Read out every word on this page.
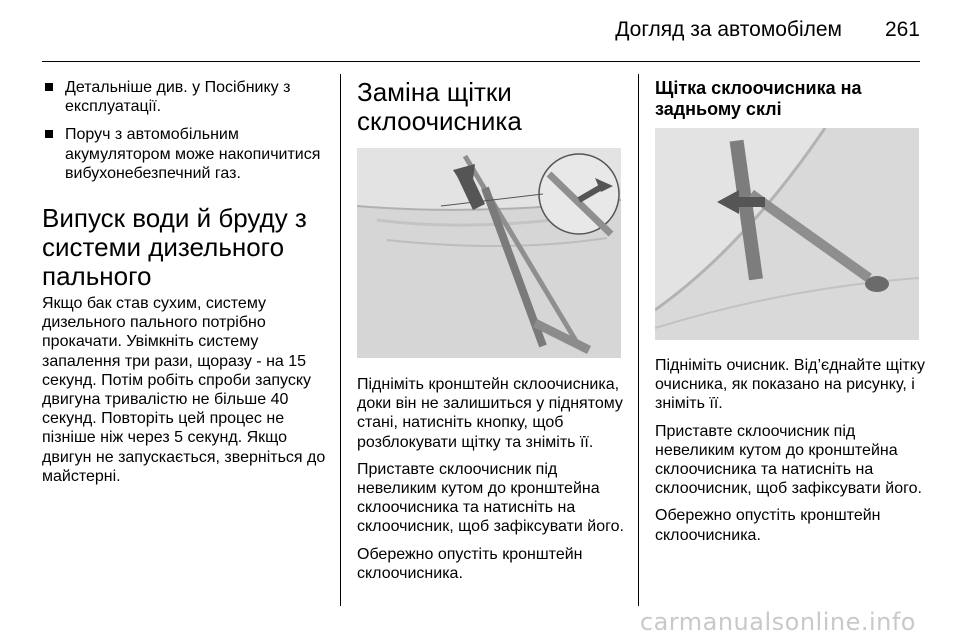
Догляд за автомобілем 261
Детальніше див. у Посібнику з експлуатації.
Поруч з автомобільним акумулятором може накопичитися вибухонебезпечний газ.
Випуск води й бруду з системи дизельного пального

Якщо бак став сухим, систему дизельного пального потрібно прокачати. Увімкніть систему запалення три рази, щоразу - на 15 секунд. Потім робіть спроби запуску двигуна тривалістю не більше 40 секунд. Повторіть цей процес не пізніше ніж через 5 секунд. Якщо двигун не запускається, зверніться до майстерні.

Заміна щітки склоочисника

Підніміть кронштейн склоочисника, доки він не залишиться у піднятому стані, натисніть кнопку, щоб розблокувати щітку та зніміть її.

Приставте склоочисник під невеликим кутом до кронштейна склоочисника та натисніть на склоочисник, щоб зафіксувати його.

Обережно опустіть кронштейн склоочисника.

Щітка склоочисника на задньому склі

Підніміть очисник. Від’єднайте щітку очисника, як показано на рисунку, і зніміть її.

Приставте склоочисник під невеликим кутом до кронштейна склоочисника та натисніть на склоочисник, щоб зафіксувати його.

Обережно опустіть кронштейн склоочисника.

carmanualsonline.info
